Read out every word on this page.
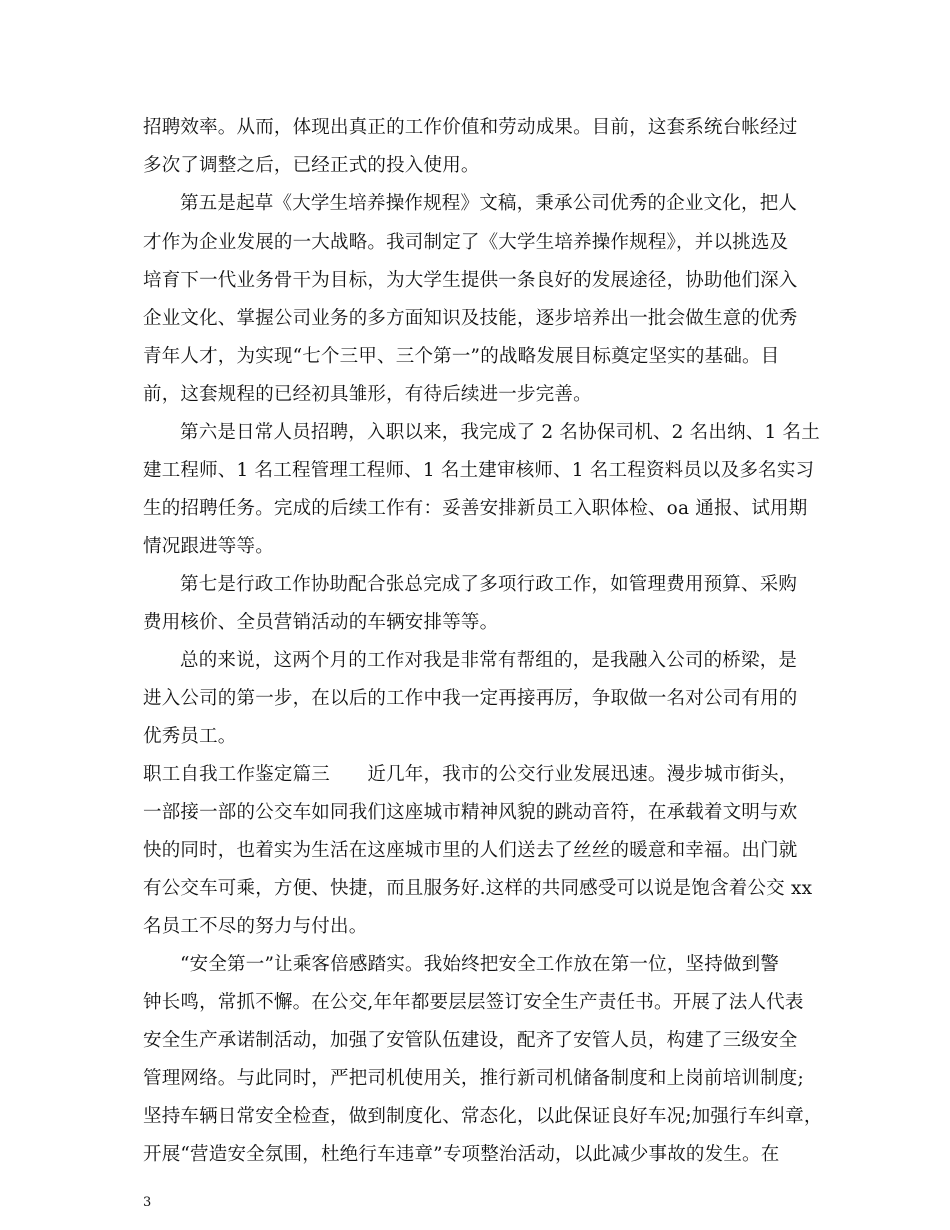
招聘效率。从而，体现出真正的工作价值和劳动成果。目前，这套系统台帐经过
多次了调整之后，已经正式的投入使用。
第五是起草《大学生培养操作规程》文稿，秉承公司优秀的企业文化，把人
才作为企业发展的一大战略。我司制定了《大学生培养操作规程》，并以挑选及
培育下一代业务骨干为目标，为大学生提供一条良好的发展途径，协助他们深入
企业文化、掌握公司业务的多方面知识及技能，逐步培养出一批会做生意的优秀
青年人才，为实现“七个三甲、三个第一”的战略发展目标奠定坚实的基础。目
前，这套规程的已经初具雏形，有待后续进一步完善。
第六是日常人员招聘，入职以来，我完成了 2 名协保司机、2 名出纳、1 名土
建工程师、1 名工程管理工程师、1 名土建审核师、1 名工程资料员以及多名实习
生的招聘任务。完成的后续工作有：妥善安排新员工入职体检、oa 通报、试用期
情况跟进等等。
第七是行政工作协助配合张总完成了多项行政工作，如管理费用预算、采购
费用核价、全员营销活动的车辆安排等等。
总的来说，这两个月的工作对我是非常有帮组的，是我融入公司的桥梁，是
进入公司的第一步，在以后的工作中我一定再接再厉，争取做一名对公司有用的
优秀员工。
职工自我工作鉴定篇三　　近几年，我市的公交行业发展迅速。漫步城市街头，
一部接一部的公交车如同我们这座城市精神风貌的跳动音符，在承载着文明与欢
快的同时，也着实为生活在这座城市里的人们送去了丝丝的暖意和幸福。出门就
有公交车可乘，方便、快捷，而且服务好.这样的共同感受可以说是饱含着公交 xx
名员工不尽的努力与付出。
“安全第一”让乘客倍感踏实。我始终把安全工作放在第一位，坚持做到警
钟长鸣，常抓不懈。在公交,年年都要层层签订安全生产责任书。开展了法人代表
安全生产承诺制活动，加强了安管队伍建设，配齐了安管人员，构建了三级安全
管理网络。与此同时，严把司机使用关，推行新司机储备制度和上岗前培训制度;
坚持车辆日常安全检查，做到制度化、常态化，以此保证良好车况;加强行车纠章，
开展“营造安全氛围，杜绝行车违章”专项整治活动，以此减少事故的发生。在
3
